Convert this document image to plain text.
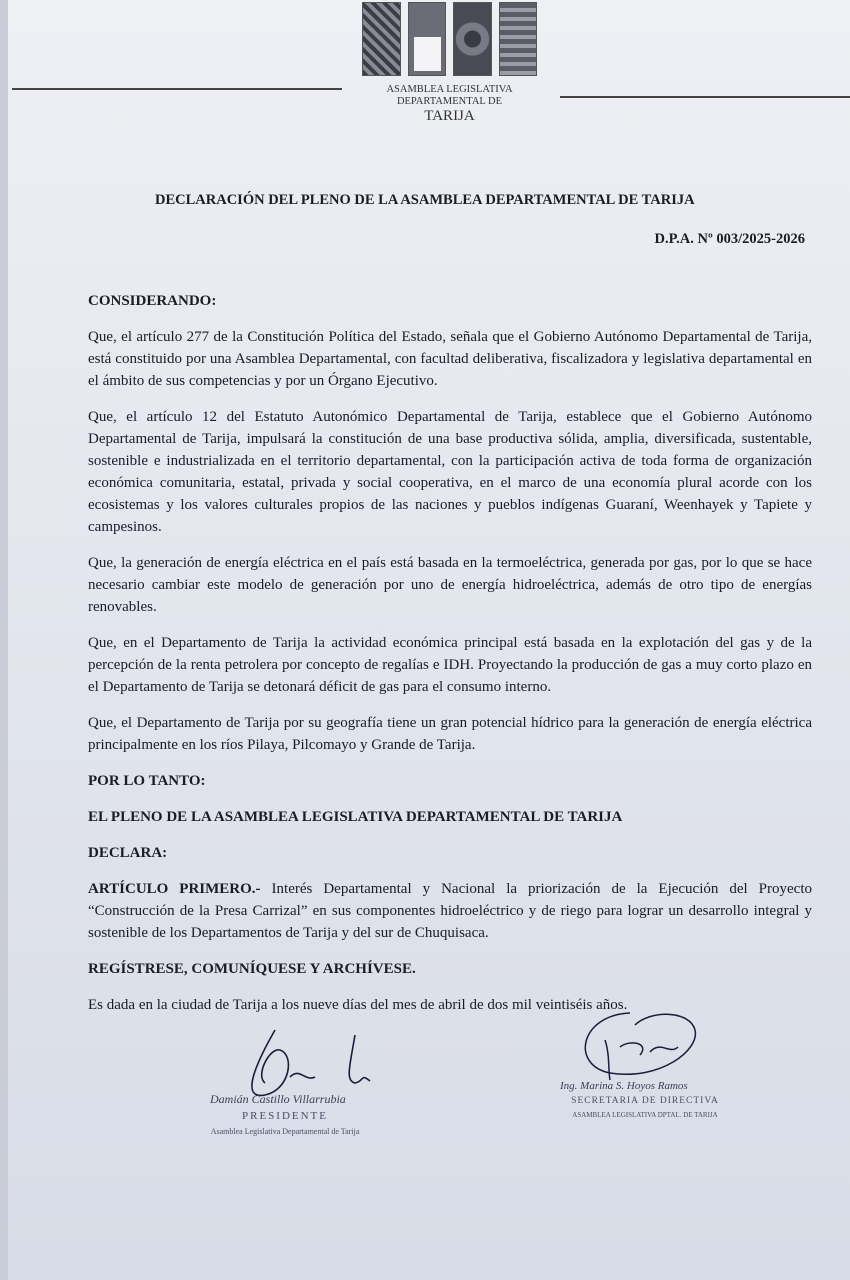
ASAMBLEA LEGISLATIVA
DEPARTAMENTAL DE
TARIJA
DECLARACIÓN DEL PLENO DE LA ASAMBLEA DEPARTAMENTAL DE TARIJA
D.P.A. Nº 003/2025-2026

CONSIDERANDO:

Que, el artículo 277 de la Constitución Política del Estado, señala que el Gobierno Autónomo Departamental de Tarija, está constituido por una Asamblea Departamental, con facultad deliberativa, fiscalizadora y legislativa departamental en el ámbito de sus competencias y por un Órgano Ejecutivo.

Que, el artículo 12 del Estatuto Autonómico Departamental de Tarija, establece que el Gobierno Autónomo Departamental de Tarija, impulsará la constitución de una base productiva sólida, amplia, diversificada, sustentable, sostenible e industrializada en el territorio departamental, con la participación activa de toda forma de organización económica comunitaria, estatal, privada y social cooperativa, en el marco de una economía plural acorde con los ecosistemas y los valores culturales propios de las naciones y pueblos indígenas Guaraní, Weenhayek y Tapiete y campesinos.

Que, la generación de energía eléctrica en el país está basada en la termoeléctrica, generada por gas, por lo que se hace necesario cambiar este modelo de generación por uno de energía hidroeléctrica, además de otro tipo de energías renovables.

Que, en el Departamento de Tarija la actividad económica principal está basada en la explotación del gas y de la percepción de la renta petrolera por concepto de regalías e IDH. Proyectando la producción de gas a muy corto plazo en el Departamento de Tarija se detonará déficit de gas para el consumo interno.

Que, el Departamento de Tarija por su geografía tiene un gran potencial hídrico para la generación de energía eléctrica principalmente en los ríos Pilaya, Pilcomayo y Grande de Tarija.

POR LO TANTO:

EL PLENO DE LA ASAMBLEA LEGISLATIVA DEPARTAMENTAL DE TARIJA

DECLARA:

ARTÍCULO PRIMERO.- Interés Departamental y Nacional la priorización de la Ejecución del Proyecto “Construcción de la Presa Carrizal” en sus componentes hidroeléctrico y de riego para lograr un desarrollo integral y sostenible de los Departamentos de Tarija y del sur de Chuquisaca.

REGÍSTRESE, COMUNÍQUESE Y ARCHÍVESE.

Es dada en la ciudad de Tarija a los nueve días del mes de abril de dos mil veintiséis años.

Damián Castillo Villarrubia
PRESIDENTE
Asamblea Legislativa Departamental de Tarija
Ing. Marina S. Hoyos Ramos
SECRETARIA DE DIRECTIVA
ASAMBLEA LEGISLATIVA DPTAL. DE TARIJA
